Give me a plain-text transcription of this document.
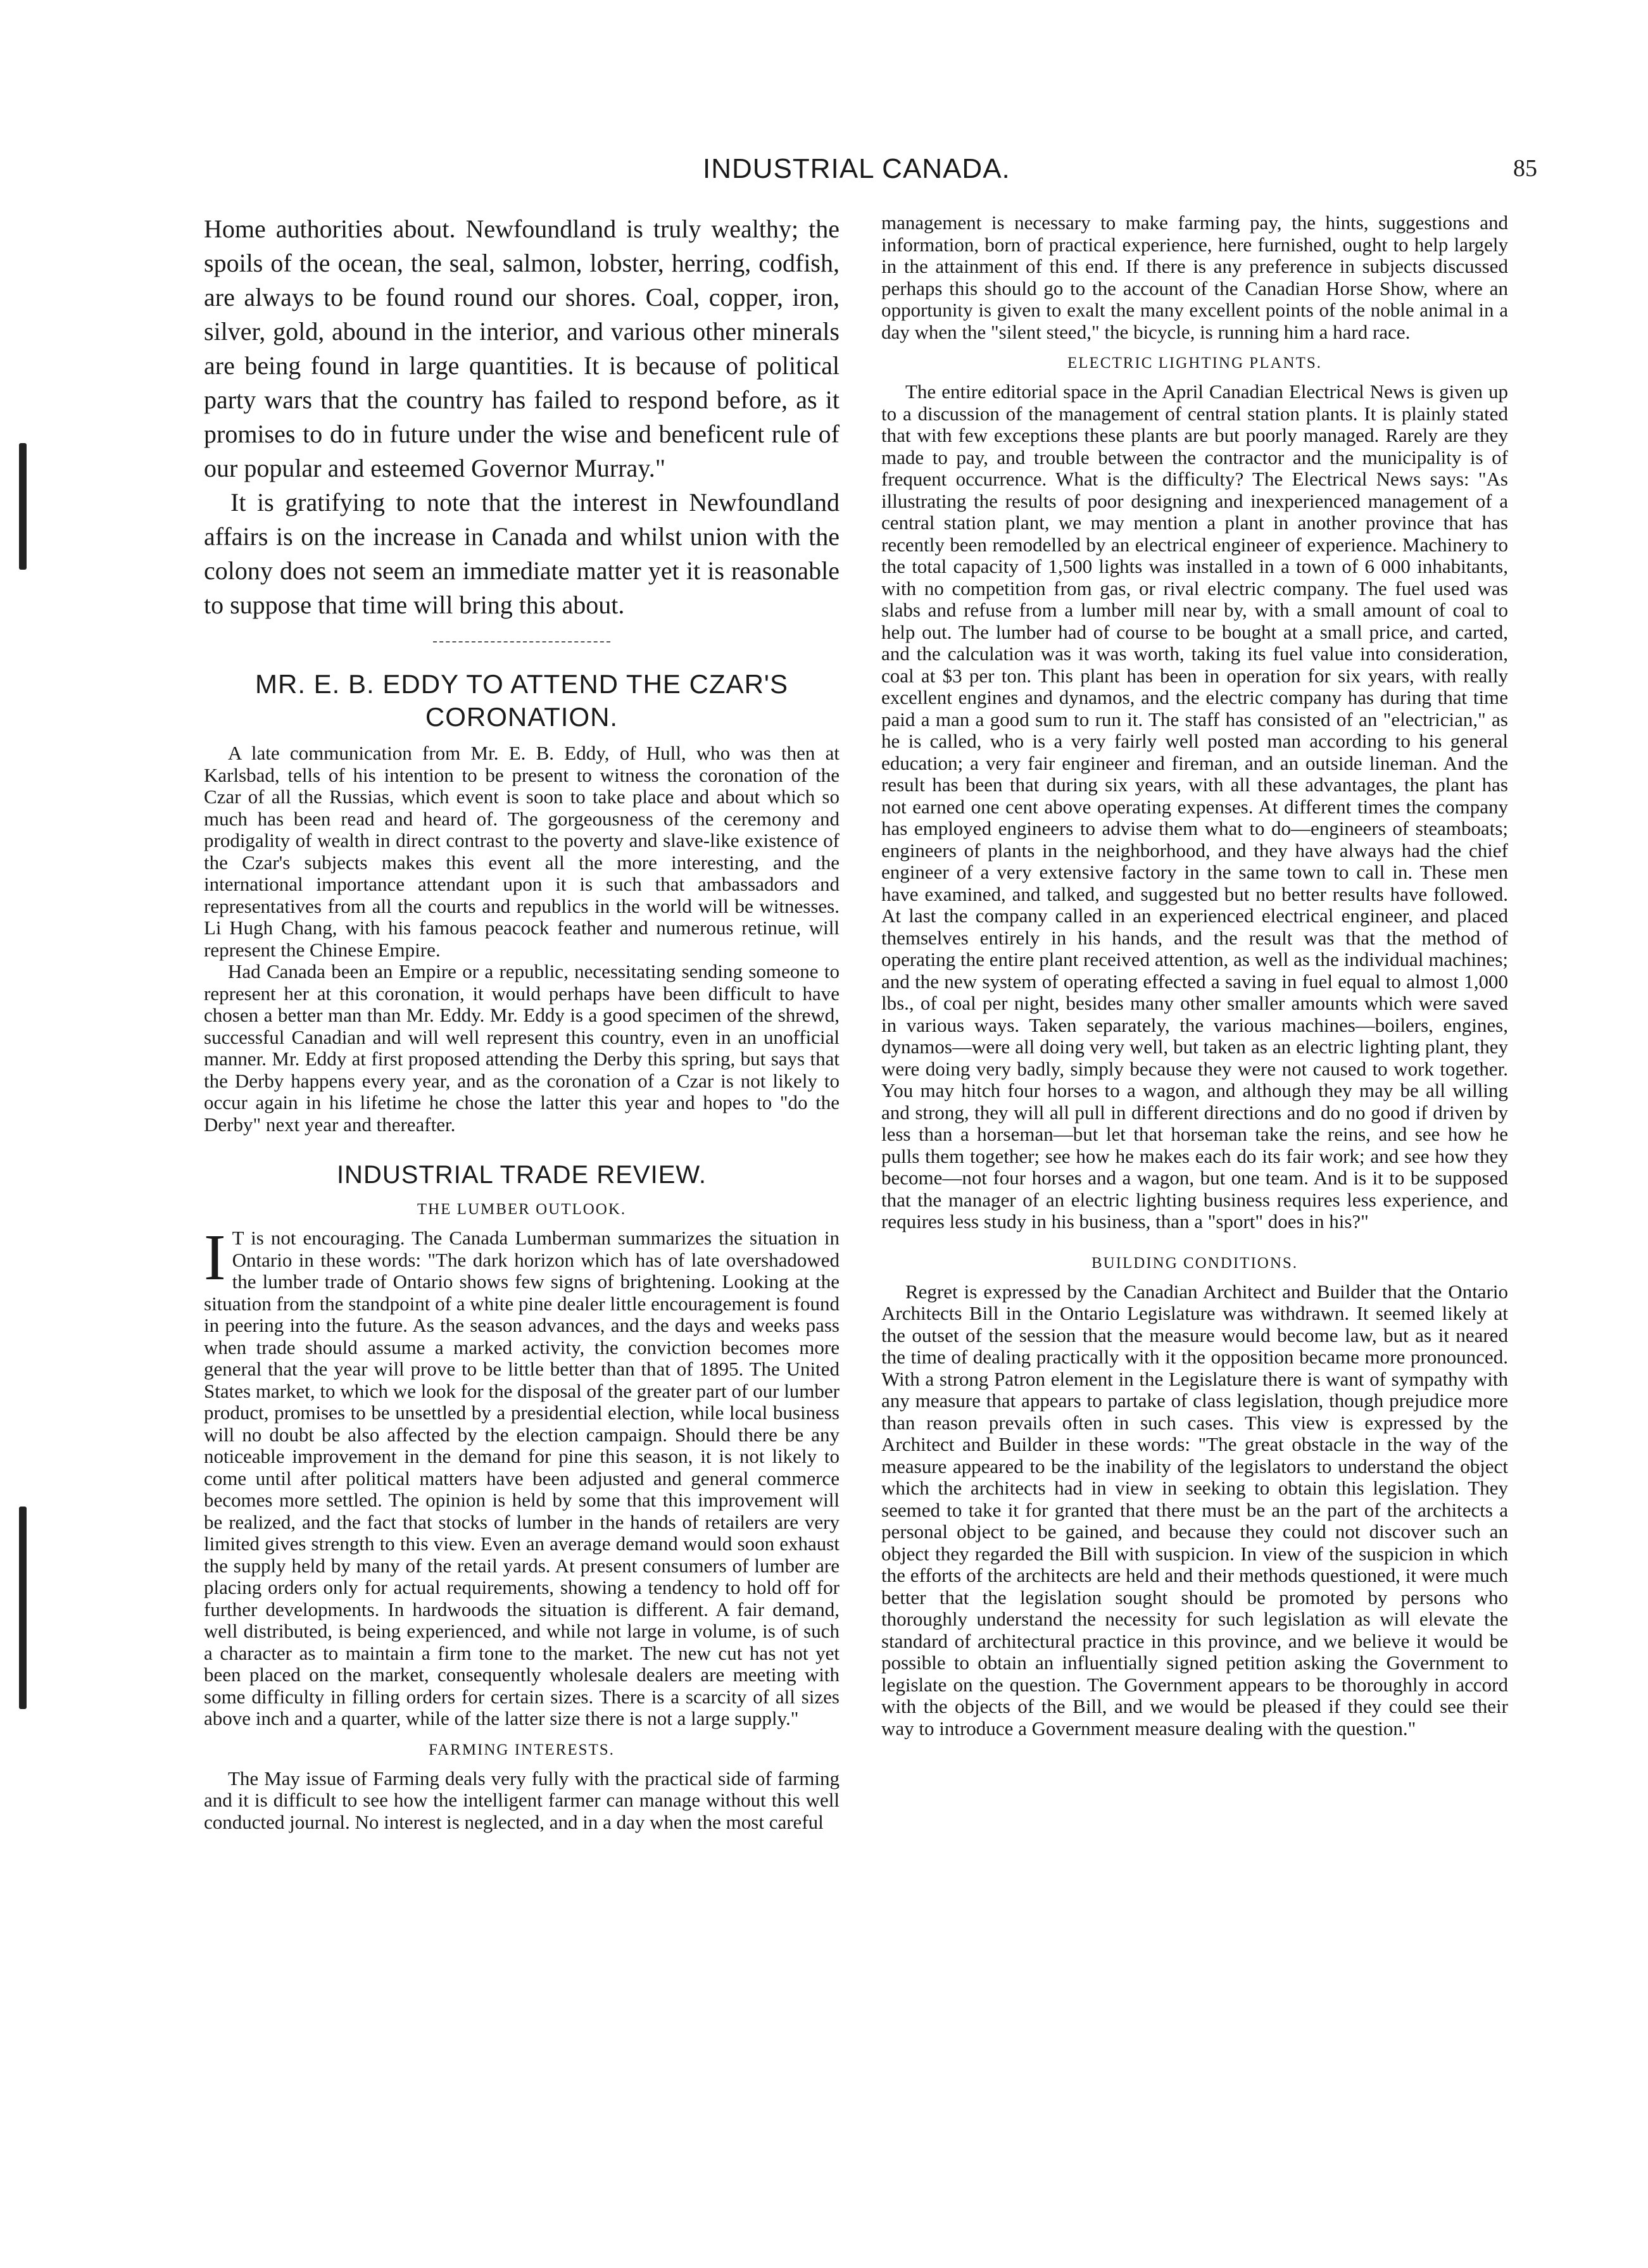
INDUSTRIAL CANADA.	85

Home authorities about. Newfoundland is truly wealthy; the spoils of the ocean, the seal, salmon, lobster, herring, codfish, are always to be found round our shores. Coal, copper, iron, silver, gold, abound in the interior, and various other minerals are being found in large quantities. It is because of political party wars that the country has failed to respond before, as it promises to do in future under the wise and beneficent rule of our popular and esteemed Governor Murray."

It is gratifying to note that the interest in Newfoundland affairs is on the increase in Canada and whilst union with the colony does not seem an immediate matter yet it is reasonable to suppose that time will bring this about.

MR. E. B. EDDY TO ATTEND THE CZAR'S CORONATION.

A late communication from Mr. E. B. Eddy, of Hull, who was then at Karlsbad, tells of his intention to be present to witness the coronation of the Czar of all the Russias, which event is soon to take place and about which so much has been read and heard of. The gorgeousness of the ceremony and prodigality of wealth in direct contrast to the poverty and slave-like existence of the Czar's subjects makes this event all the more interesting, and the international importance attendant upon it is such that ambassadors and representatives from all the courts and republics in the world will be witnesses. Li Hugh Chang, with his famous peacock feather and numerous retinue, will represent the Chinese Empire.

Had Canada been an Empire or a republic, necessitating sending someone to represent her at this coronation, it would perhaps have been difficult to have chosen a better man than Mr. Eddy. Mr. Eddy is a good specimen of the shrewd, successful Canadian and will well represent this country, even in an unofficial manner. Mr. Eddy at first proposed attending the Derby this spring, but says that the Derby happens every year, and as the coronation of a Czar is not likely to occur again in his lifetime he chose the latter this year and hopes to "do the Derby" next year and thereafter.

INDUSTRIAL TRADE REVIEW.
THE LUMBER OUTLOOK.

I T is not encouraging. The Canada Lumberman summarizes the situation in Ontario in these words: "The dark horizon which has of late overshadowed the lumber trade of Ontario shows few signs of brightening. Looking at the situation from the standpoint of a white pine dealer little encouragement is found in peering into the future. As the season advances, and the days and weeks pass when trade should assume a marked activity, the conviction becomes more general that the year will prove to be little better than that of 1895. The United States market, to which we look for the disposal of the greater part of our lumber product, promises to be unsettled by a presidential election, while local business will no doubt be also affected by the election campaign. Should there be any noticeable improvement in the demand for pine this season, it is not likely to come until after political matters have been adjusted and general commerce becomes more settled. The opinion is held by some that this improvement will be realized, and the fact that stocks of lumber in the hands of retailers are very limited gives strength to this view. Even an average demand would soon exhaust the supply held by many of the retail yards. At present consumers of lumber are placing orders only for actual requirements, showing a tendency to hold off for further developments. In hardwoods the situation is different. A fair demand, well distributed, is being experienced, and while not large in volume, is of such a character as to maintain a firm tone to the market. The new cut has not yet been placed on the market, consequently wholesale dealers are meeting with some difficulty in filling orders for certain sizes. There is a scarcity of all sizes above inch and a quarter, while of the latter size there is not a large supply."

FARMING INTERESTS.

The May issue of Farming deals very fully with the practical side of farming and it is difficult to see how the intelligent farmer can manage without this well conducted journal. No interest is neglected, and in a day when the most careful

management is necessary to make farming pay, the hints, suggestions and information, born of practical experience, here furnished, ought to help largely in the attainment of this end. If there is any preference in subjects discussed perhaps this should go to the account of the Canadian Horse Show, where an opportunity is given to exalt the many excellent points of the noble animal in a day when the "silent steed," the bicycle, is running him a hard race.

ELECTRIC LIGHTING PLANTS.

The entire editorial space in the April Canadian Electrical News is given up to a discussion of the management of central station plants. It is plainly stated that with few exceptions these plants are but poorly managed. Rarely are they made to pay, and trouble between the contractor and the municipality is of frequent occurrence. What is the difficulty? The Electrical News says: "As illustrating the results of poor designing and inexperienced management of a central station plant, we may mention a plant in another province that has recently been remodelled by an electrical engineer of experience. Machinery to the total capacity of 1,500 lights was installed in a town of 6 000 inhabitants, with no competition from gas, or rival electric company. The fuel used was slabs and refuse from a lumber mill near by, with a small amount of coal to help out. The lumber had of course to be bought at a small price, and carted, and the calculation was it was worth, taking its fuel value into consideration, coal at $3 per ton. This plant has been in operation for six years, with really excellent engines and dynamos, and the electric company has during that time paid a man a good sum to run it. The staff has consisted of an "electrician," as he is called, who is a very fairly well posted man according to his general education; a very fair engineer and fireman, and an outside lineman. And the result has been that during six years, with all these advantages, the plant has not earned one cent above operating expenses. At different times the company has employed engineers to advise them what to do—engineers of steamboats; engineers of plants in the neighborhood, and they have always had the chief engineer of a very extensive factory in the same town to call in. These men have examined, and talked, and suggested but no better results have followed. At last the company called in an experienced electrical engineer, and placed themselves entirely in his hands, and the result was that the method of operating the entire plant received attention, as well as the individual machines; and the new system of operating effected a saving in fuel equal to almost 1,000 lbs., of coal per night, besides many other smaller amounts which were saved in various ways. Taken separately, the various machines—boilers, engines, dynamos—were all doing very well, but taken as an electric lighting plant, they were doing very badly, simply because they were not caused to work together. You may hitch four horses to a wagon, and although they may be all willing and strong, they will all pull in different directions and do no good if driven by less than a horseman—but let that horseman take the reins, and see how he pulls them together; see how he makes each do its fair work; and see how they become—not four horses and a wagon, but one team. And is it to be supposed that the manager of an electric lighting business requires less experience, and requires less study in his business, than a "sport" does in his?"

BUILDING CONDITIONS.

Regret is expressed by the Canadian Architect and Builder that the Ontario Architects Bill in the Ontario Legislature was withdrawn. It seemed likely at the outset of the session that the measure would become law, but as it neared the time of dealing practically with it the opposition became more pronounced. With a strong Patron element in the Legislature there is want of sympathy with any measure that appears to partake of class legislation, though prejudice more than reason prevails often in such cases. This view is expressed by the Architect and Builder in these words: "The great obstacle in the way of the measure appeared to be the inability of the legislators to understand the object which the architects had in view in seeking to obtain this legislation. They seemed to take it for granted that there must be an the part of the architects a personal object to be gained, and because they could not discover such an object they regarded the Bill with suspicion. In view of the suspicion in which the efforts of the architects are held and their methods questioned, it were much better that the legislation sought should be promoted by persons who thoroughly understand the necessity for such legislation as will elevate the standard of architectural practice in this province, and we believe it would be possible to obtain an influentially signed petition asking the Government to legislate on the question. The Government appears to be thoroughly in accord with the objects of the Bill, and we would be pleased if they could see their way to introduce a Government measure dealing with the question."
